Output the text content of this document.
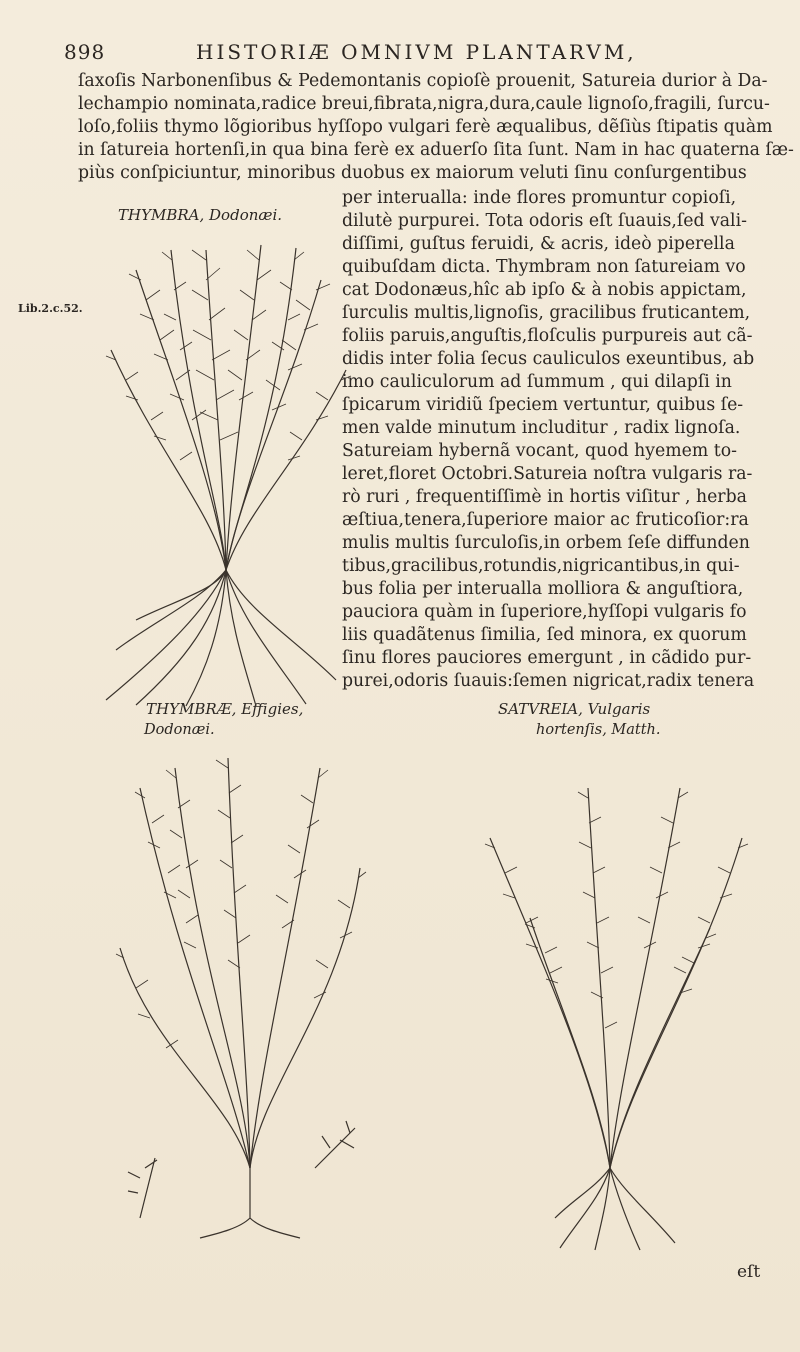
898	HISTORIÆ OMNIVM PLANTARVM,
ſaxoſis Narbonenſibus & Pedemontanis copioſè prouenit, Satureia durior à Da-
lechampio nominata,radice breui,fibrata,nigra,dura,caule lignoſo,fragili, ſurcu-
loſo,foliis thymo lõgioribus hyſſopo vulgari ferè æqualibus, dẽſiùs ſtipatis quàm
in ſatureia hortenſi,in qua bina ferè ex aduerſo ſita ſunt. Nam in hac quaterna ſæ-
piùs conſpiciuntur, minoribus duobus ex maiorum veluti ſinu conſurgentibus
per interualla: inde flores promuntur copioſi,
dilutè purpurei. Tota odoris eſt ſuauis,ſed vali-
diſſimi, guſtus feruidi, & acris, ideò piperella
quibuſdam dicta. Thymbram non ſatureiam vo
cat Dodonæus,hîc ab ipſo & à nobis appictam,
ſurculis multis,lignoſis, gracilibus fruticantem,
foliis paruis,anguſtis,floſculis purpureis aut cã-
didis inter folia ſecus cauliculos exeuntibus, ab
imo cauliculorum ad ſummum , qui dilapſi in
ſpicarum viridiũ ſpeciem vertuntur, quibus ſe-
men valde minutum includitur , radix lignoſa.
Satureiam hybernã vocant, quod hyemem to-
leret,floret Octobri.Satureia noſtra vulgaris ra-
rò ruri , frequentiſſimè in hortis viſitur , herba
æſtiua,tenera,ſuperiore maior ac fruticoſior:ra
mulis multis ſurculoſis,in orbem ſeſe diffunden
tibus,gracilibus,rotundis,nigricantibus,in qui-
bus folia per interualla molliora & anguſtiora,
pauciora quàm in ſuperiore,hyſſopi vulgaris fo
liis quadãtenus ſimilia, ſed minora, ex quorum
ſinu flores pauciores emergunt , in cãdido pur-
purei,odoris ſuauis:ſemen nigricat,radix tenera
THYMBRA, Dodonæi.
Lib.2.c.52.
THYMBRÆ, Effigies,
Dodonæi.
SATVREIA, Vulgaris
hortenſis, Matth.
eſt
